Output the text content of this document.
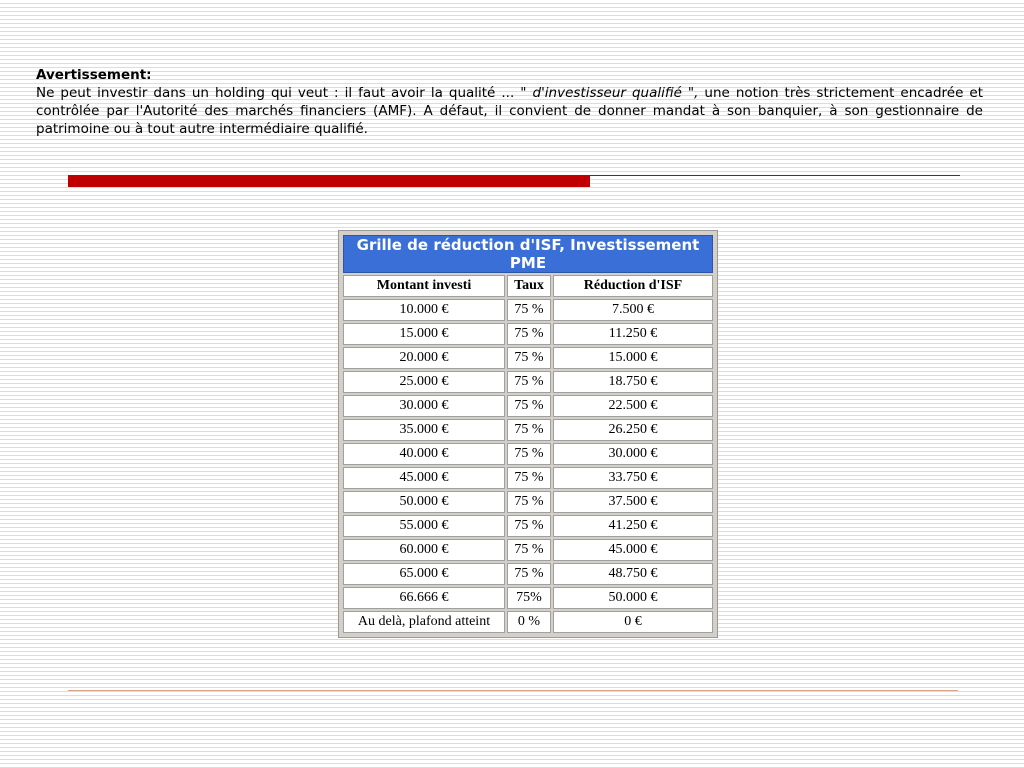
Avertissement:
Ne peut investir dans un holding qui veut : il faut avoir la qualité ... " d'investisseur qualifié ", une notion très strictement encadrée et contrôlée par l'Autorité des marchés financiers (AMF). A défaut, il convient de donner mandat à son banquier, à son gestionnaire de patrimoine ou à tout autre intermédiaire qualifié.
Grille de réduction d'ISF, Investissement PME		
Montant investi	Taux	Réduction d'ISF
10.000 €	75 %	7.500 €
15.000 €	75 %	11.250 €
20.000 €	75 %	15.000 €
25.000 €	75 %	18.750 €
30.000 €	75 %	22.500 €
35.000 €	75 %	26.250 €
40.000 €	75 %	30.000 €
45.000 €	75 %	33.750 €
50.000 €	75 %	37.500 €
55.000 €	75 %	41.250 €
60.000 €	75 %	45.000 €
65.000 €	75 %	48.750 €
66.666 €	75%	50.000 €
Au delà, plafond atteint	0 %	0 €
